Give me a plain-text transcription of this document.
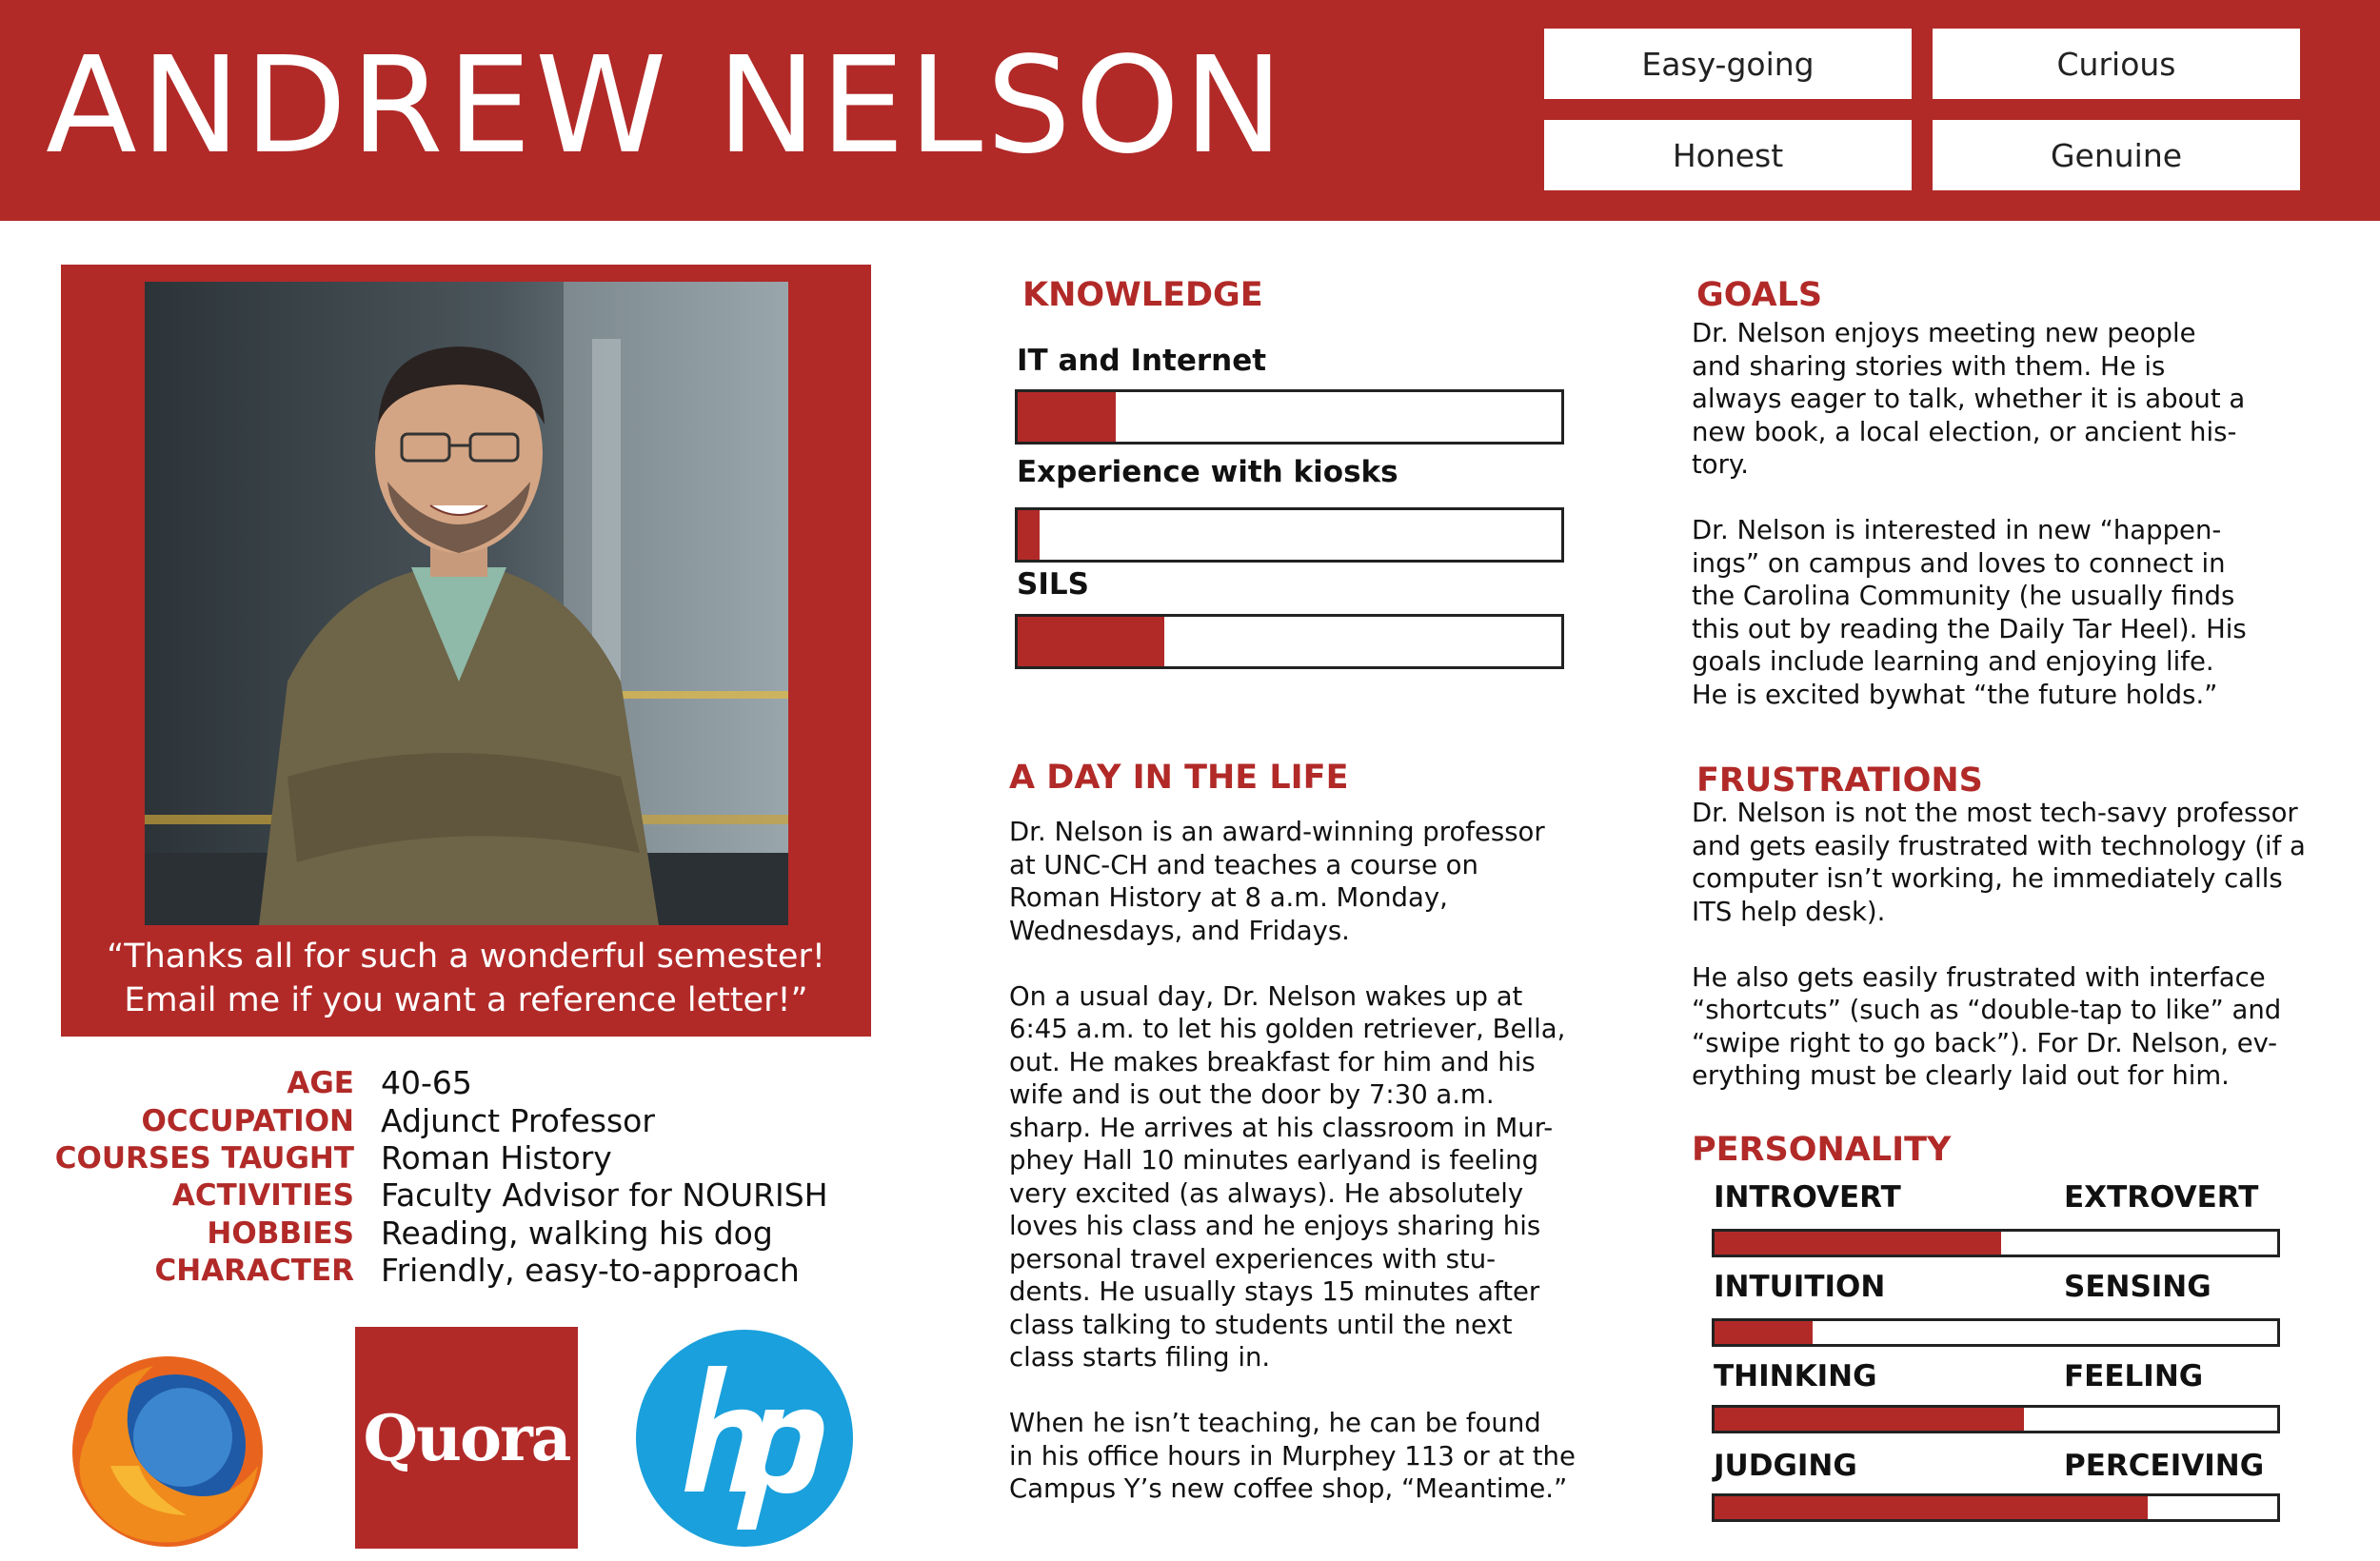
ANDREW NELSON	Easy-going	Curious
Honest	Genuine
“Thanks all for such a wonderful semester!
Email me if you want a reference letter!”
AGE 40-65
OCCUPATION Adjunct Professor
COURSES TAUGHT Roman History
ACTIVITIES Faculty Advisor for NOURISH
HOBBIES Reading, walking his dog
CHARACTER Friendly, easy-to-approach
Quora
KNOWLEDGE
IT and Internet
Experience with kiosks
SILS
A DAY IN THE LIFE
Dr. Nelson is an award-winning professor
at UNC-CH and teaches a course on
Roman History at 8 a.m. Monday,
Wednesdays, and Fridays.

On a usual day, Dr. Nelson wakes up at
6:45 a.m. to let his golden retriever, Bella,
out. He makes breakfast for him and his
wife and is out the door by 7:30 a.m.
sharp. He arrives at his classroom in Mur-
phey Hall 10 minutes earlyand is feeling
very excited (as always). He absolutely
loves his class and he enjoys sharing his
personal travel experiences with stu-
dents. He usually stays 15 minutes after
class talking to students until the next
class starts filing in.

When he isn’t teaching, he can be found
in his office hours in Murphey 113 or at the
Campus Y’s new coffee shop, “Meantime.”
GOALS
Dr. Nelson enjoys meeting new people
and sharing stories with them. He is
always eager to talk, whether it is about a
new book, a local election, or ancient his-
tory.

Dr. Nelson is interested in new “happen-
ings” on campus and loves to connect in
the Carolina Community (he usually finds
this out by reading the Daily Tar Heel). His
goals include learning and enjoying life.
He is excited bywhat “the future holds.”
FRUSTRATIONS
Dr. Nelson is not the most tech-savy professor
and gets easily frustrated with technology (if a
computer isn’t working, he immediately calls
ITS help desk).

He also gets easily frustrated with interface
“shortcuts” (such as “double-tap to like” and
“swipe right to go back”). For Dr. Nelson, ev-
erything must be clearly laid out for him.
PERSONALITY
INTROVERT	EXTROVERT
INTUITION	SENSING
THINKING	FEELING
JUDGING	PERCEIVING
